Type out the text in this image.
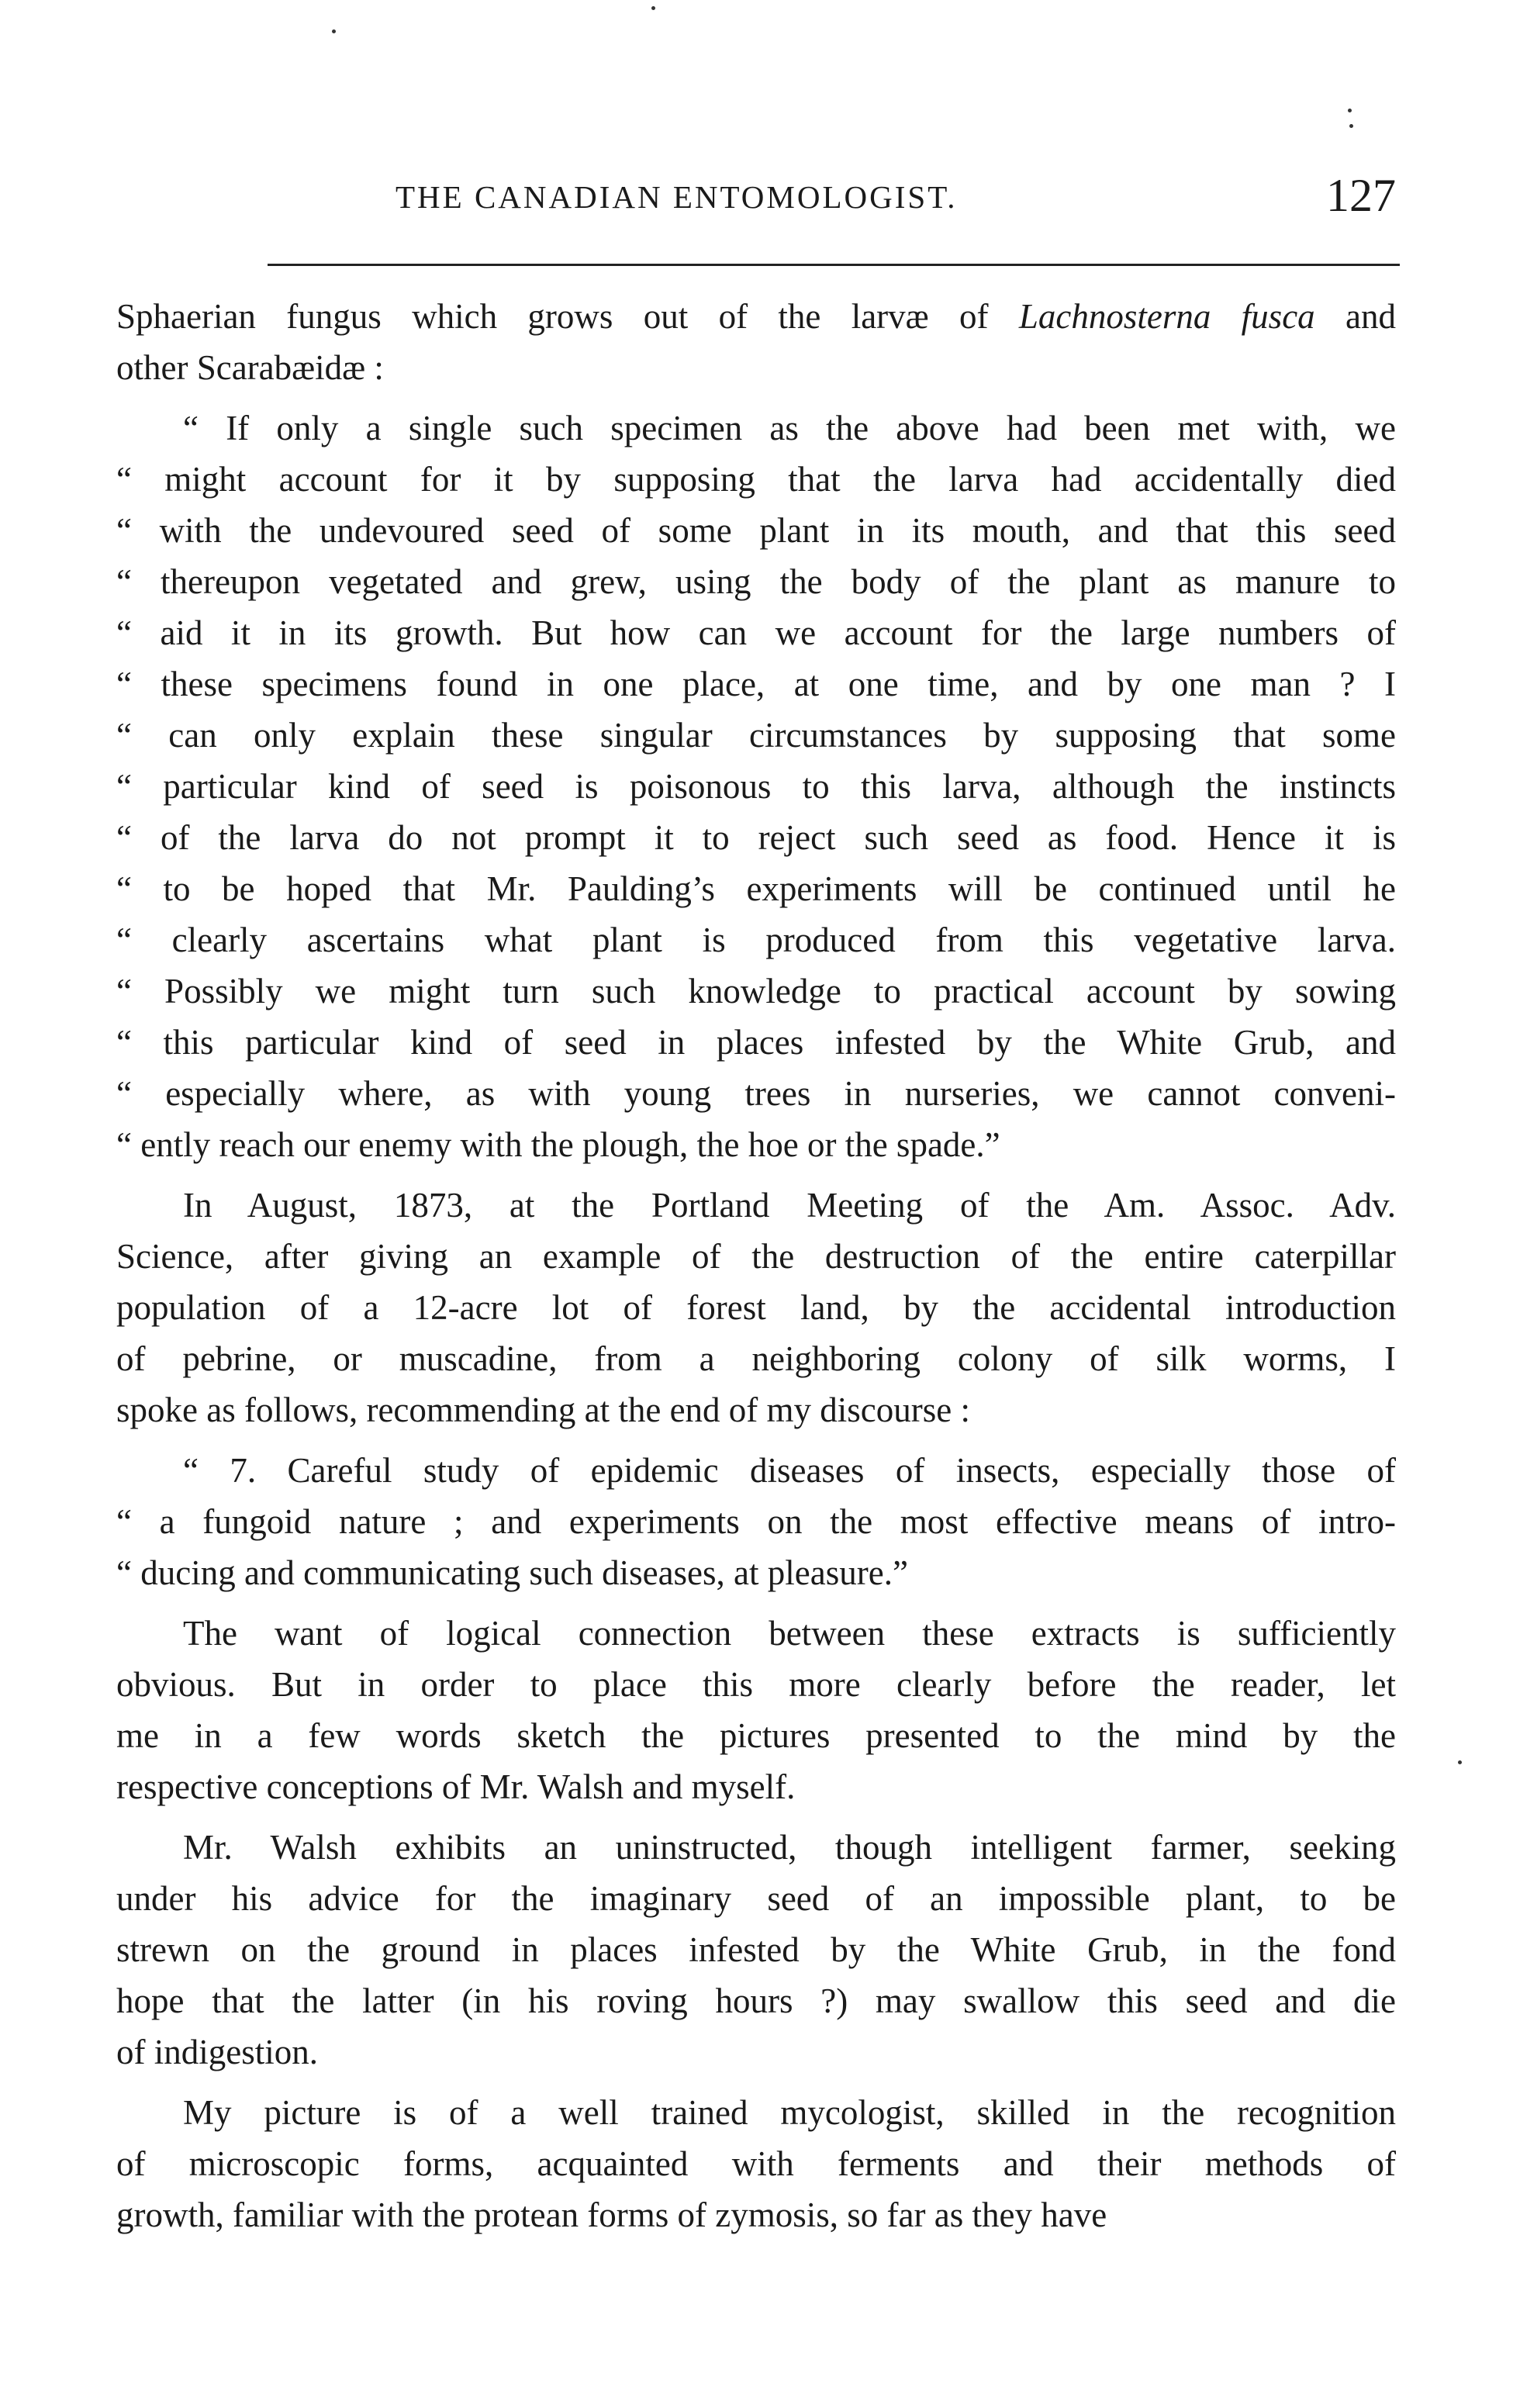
THE CANADIAN ENTOMOLOGIST.	127
Sphaerian fungus which grows out of the larvæ of Lachnosterna fusca and
other Scarabæidæ :
“ If only a single such specimen as the above had been met with, we
“ might account for it by supposing that the larva had accidentally died
“ with the undevoured seed of some plant in its mouth, and that this seed
“ thereupon vegetated and grew, using the body of the plant as manure to
“ aid it in its growth. But how can we account for the large numbers of
“ these specimens found in one place, at one time, and by one man ? I
“ can only explain these singular circumstances by supposing that some
“ particular kind of seed is poisonous to this larva, although the instincts
“ of the larva do not prompt it to reject such seed as food. Hence it is
“ to be hoped that Mr. Paulding’s experiments will be continued until he
“ clearly ascertains what plant is produced from this vegetative larva.
“ Possibly we might turn such knowledge to practical account by sowing
“ this particular kind of seed in places infested by the White Grub, and
“ especially where, as with young trees in nurseries, we cannot conveni-
“ ently reach our enemy with the plough, the hoe or the spade.”
In August, 1873, at the Portland Meeting of the Am. Assoc. Adv.
Science, after giving an example of the destruction of the entire caterpillar
population of a 12-acre lot of forest land, by the accidental introduction
of pebrine, or muscadine, from a neighboring colony of silk worms, I
spoke as follows, recommending at the end of my discourse :
“ 7. Careful study of epidemic diseases of insects, especially those of
“ a fungoid nature ; and experiments on the most effective means of intro-
“ ducing and communicating such diseases, at pleasure.”
The want of logical connection between these extracts is sufficiently
obvious. But in order to place this more clearly before the reader, let
me in a few words sketch the pictures presented to the mind by the
respective conceptions of Mr. Walsh and myself.
Mr. Walsh exhibits an uninstructed, though intelligent farmer, seeking
under his advice for the imaginary seed of an impossible plant, to be
strewn on the ground in places infested by the White Grub, in the fond
hope that the latter (in his roving hours ?) may swallow this seed and die
of indigestion.
My picture is of a well trained mycologist, skilled in the recognition
of microscopic forms, acquainted with ferments and their methods of
growth, familiar with the protean forms of zymosis, so far as they have
